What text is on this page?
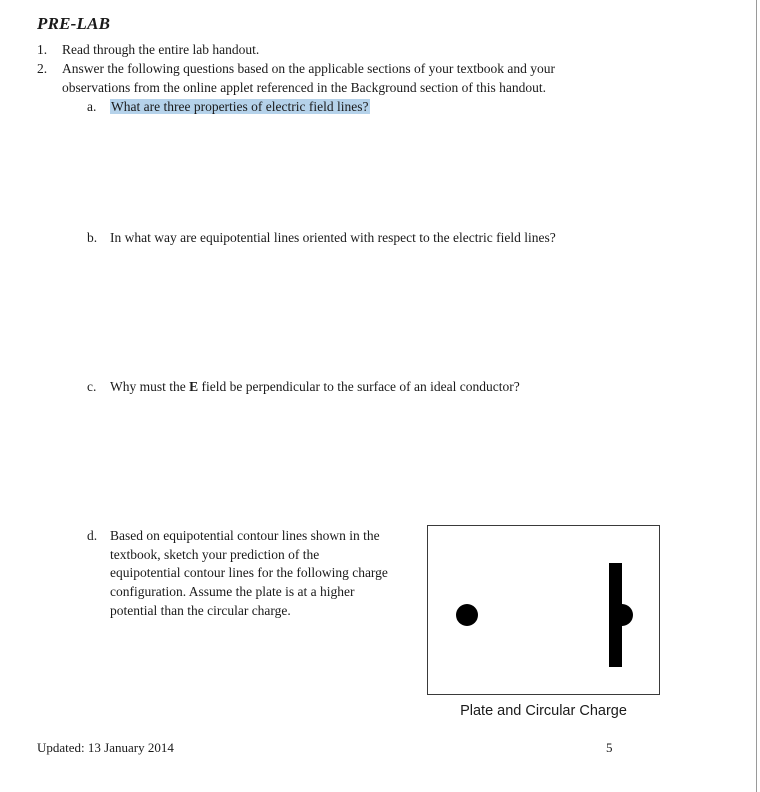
PRE-LAB
1. Read through the entire lab handout.
2. Answer the following questions based on the applicable sections of your textbook and your
observations from the online applet referenced in the Background section of this handout.
a. What are three properties of electric field lines?
b. In what way are equipotential lines oriented with respect to the electric field lines?
c. Why must the E field be perpendicular to the surface of an ideal conductor?
d. Based on equipotential contour lines shown in the
textbook, sketch your prediction of the
equipotential contour lines for the following charge
configuration. Assume the plate is at a higher
potential than the circular charge.
Plate and Circular Charge
Updated: 13 January 2014	5
